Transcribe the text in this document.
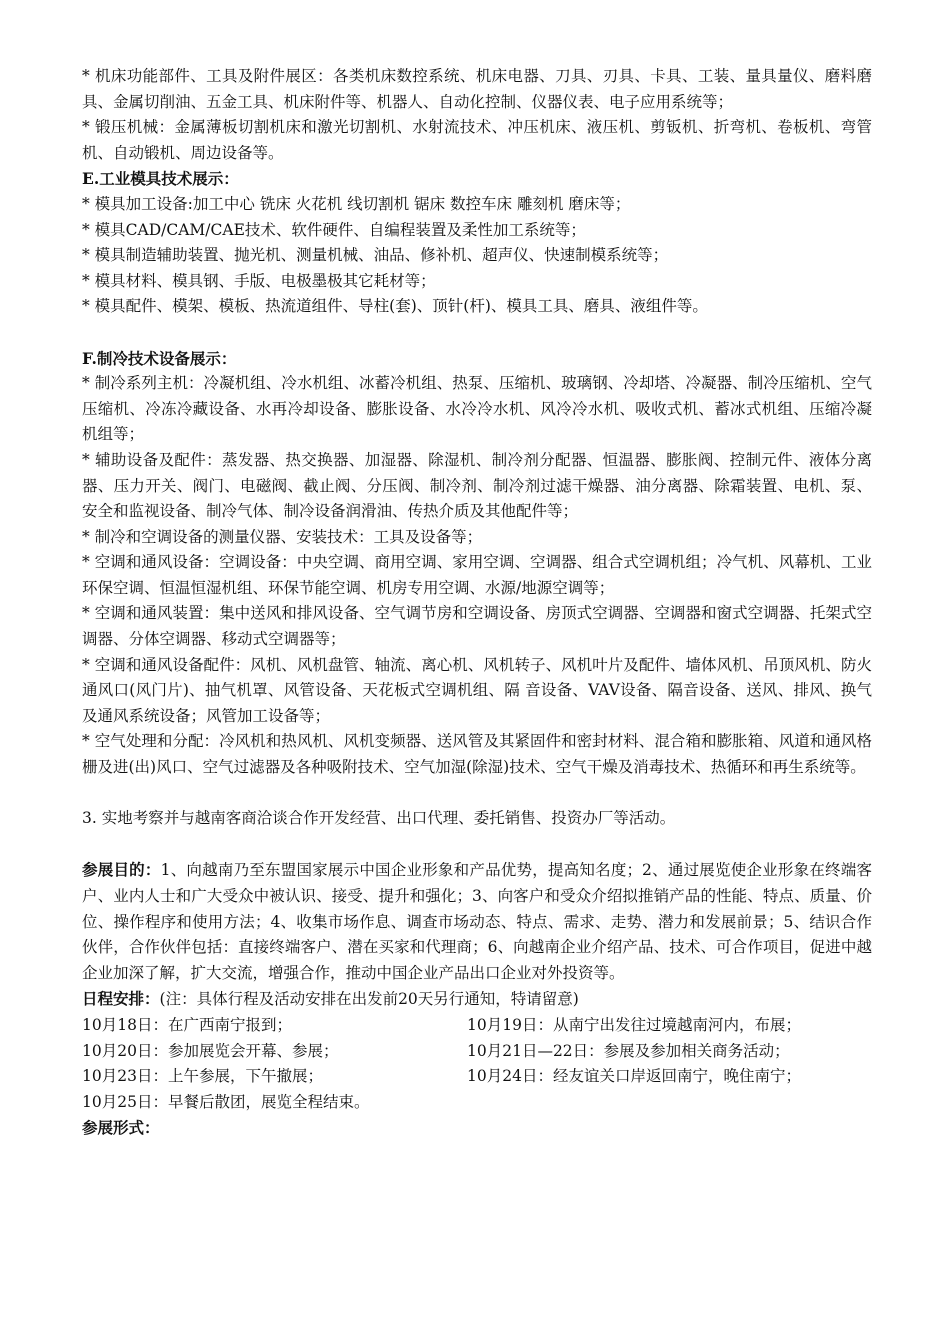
* 机床功能部件、工具及附件展区：各类机床数控系统、机床电器、刀具、刃具、卡具、工装、量具量仪、磨料磨具、金属切削油、五金工具、机床附件等、机器人、自动化控制、仪器仪表、电子应用系统等；

* 锻压机械：金属薄板切割机床和激光切割机、水射流技术、冲压机床、液压机、剪钣机、折弯机、卷板机、弯管机、自动锻机、周边设备等。

E.工业模具技术展示：

* 模具加工设备:加工中心 铣床 火花机 线切割机 锯床 数控车床 雕刻机 磨床等；

* 模具CAD/CAM/CAE技术、软件硬件、自编程装置及柔性加工系统等；

* 模具制造辅助装置、抛光机、测量机械、油品、修补机、超声仪、快速制模系统等；

* 模具材料、模具钢、手版、电极墨极其它耗材等；

* 模具配件、模架、模板、热流道组件、导柱(套)、顶针(杆)、模具工具、磨具、液组件等。

F.制冷技术设备展示：

* 制冷系列主机：冷凝机组、冷水机组、冰蓄冷机组、热泵、压缩机、玻璃钢、冷却塔、冷凝器、制冷压缩机、空气压缩机、冷冻冷藏设备、水再冷却设备、膨胀设备、水冷冷水机、风冷冷水机、吸收式机、蓄冰式机组、压缩冷凝机组等；

* 辅助设备及配件：蒸发器、热交换器、加湿器、除湿机、制冷剂分配器、恒温器、膨胀阀、控制元件、液体分离器、压力开关、阀门、电磁阀、截止阀、分压阀、制冷剂、制冷剂过滤干燥器、油分离器、除霜装置、电机、泵、安全和监视设备、制冷气体、制冷设备润滑油、传热介质及其他配件等；

* 制冷和空调设备的测量仪器、安装技术：工具及设备等；

* 空调和通风设备：空调设备：中央空调、商用空调、家用空调、空调器、组合式空调机组；冷气机、风幕机、工业环保空调、恒温恒湿机组、环保节能空调、机房专用空调、水源/地源空调等；

* 空调和通风装置：集中送风和排风设备、空气调节房和空调设备、房顶式空调器、空调器和窗式空调器、托架式空调器、分体空调器、移动式空调器等；

* 空调和通风设备配件：风机、风机盘管、轴流、离心机、风机转子、风机叶片及配件、墙体风机、吊顶风机、防火通风口(风门片)、抽气机罩、风管设备、天花板式空调机组、隔 音设备、VAV设备、隔音设备、送风、排风、换气及通风系统设备；风管加工设备等；

* 空气处理和分配：冷风机和热风机、风机变频器、送风管及其紧固件和密封材料、混合箱和膨胀箱、风道和通风格栅及进(出)风口、空气过滤器及各种吸附技术、空气加湿(除湿)技术、空气干燥及消毒技术、热循环和再生系统等。

3. 实地考察并与越南客商洽谈合作开发经营、出口代理、委托销售、投资办厂等活动。

参展目的：1、向越南乃至东盟国家展示中国企业形象和产品优势，提高知名度；2、通过展览使企业形象在终端客户、业内人士和广大受众中被认识、接受、提升和强化；3、向客户和受众介绍拟推销产品的性能、特点、质量、价位、操作程序和使用方法；4、收集市场作息、调查市场动态、特点、需求、走势、潜力和发展前景；5、结识合作伙伴，合作伙伴包括：直接终端客户、潜在买家和代理商；6、向越南企业介绍产品、技术、可合作项目，促进中越企业加深了解，扩大交流，增强合作，推动中国企业产品出口企业对外投资等。

日程安排：(注：具体行程及活动安排在出发前20天另行通知，特请留意)

10月18日：在广西南宁报到；	10月19日：从南宁出发往过境越南河内，布展；
10月20日：参加展览会开幕、参展；	10月21日—22日：参展及参加相关商务活动；
10月23日：上午参展，下午撤展；	10月24日：经友谊关口岸返回南宁，晚住南宁；
10月25日：早餐后散团，展览全程结束。

参展形式：
